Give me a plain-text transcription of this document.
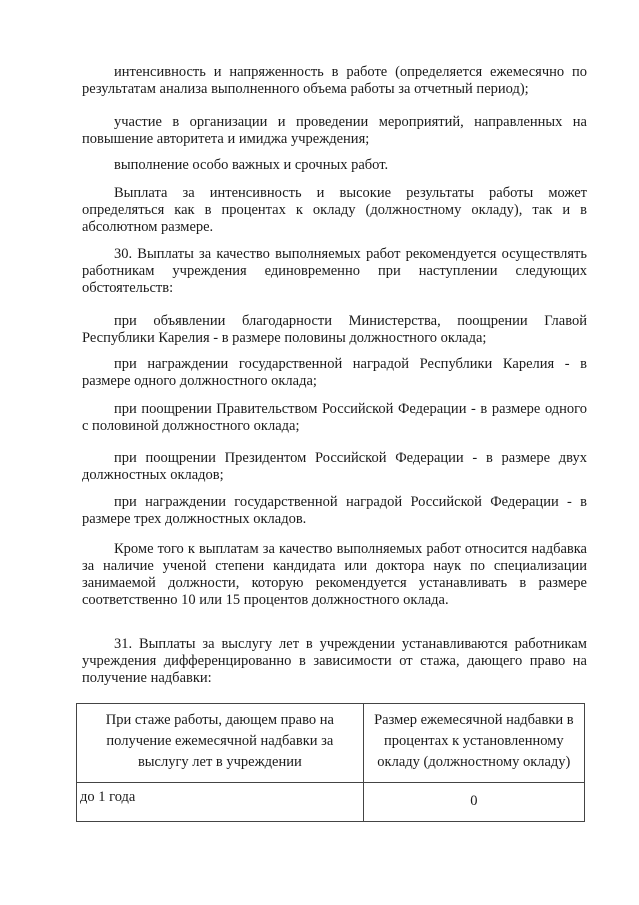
интенсивность и напряженность в работе (определяется ежемесячно по результатам анализа выполненного объема работы за отчетный период);

участие в организации и проведении мероприятий, направленных на повышение авторитета и имиджа учреждения;

выполнение особо важных и срочных работ.

Выплата за интенсивность и высокие результаты работы может определяться как в процентах к окладу (должностному окладу), так и в абсолютном размере.

30. Выплаты за качество выполняемых работ рекомендуется осуществлять работникам учреждения единовременно при наступлении следующих обстоятельств:

при объявлении благодарности Министерства, поощрении Главой Республики Карелия - в размере половины должностного оклада;

при награждении государственной наградой Республики Карелия - в размере одного должностного оклада;

при поощрении Правительством Российской Федерации - в размере одного с половиной должностного оклада;

при поощрении Президентом Российской Федерации - в размере двух должностных окладов;

при награждении государственной наградой Российской Федерации - в размере трех должностных окладов.

Кроме того к выплатам за качество выполняемых работ относится надбавка за наличие ученой степени кандидата или доктора наук по специализации занимаемой должности, которую рекомендуется устанавливать в размере соответственно 10 или 15 процентов должностного оклада.

31. Выплаты за выслугу лет в учреждении устанавливаются работникам учреждения дифференцированно в зависимости от стажа, дающего право на получение надбавки:

При стаже работы, дающем право на получение ежемесячной надбавки за выслугу лет в учреждении	Размер ежемесячной надбавки в процентах к установленному окладу (должностному окладу)
до 1 года	0
